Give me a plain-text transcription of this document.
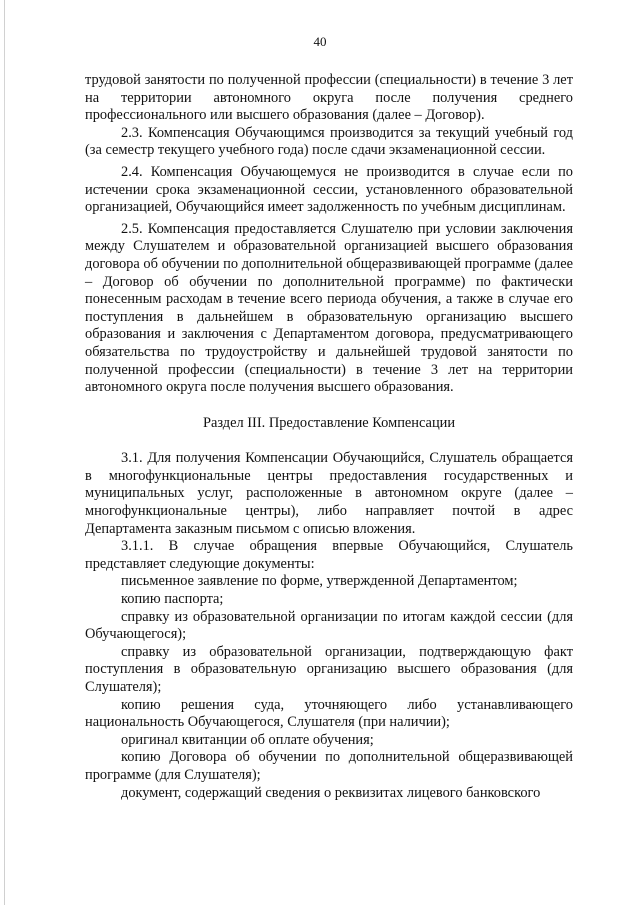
40

трудовой занятости по полученной профессии (специальности) в течение 3 лет на территории автономного округа после получения среднего профессионального или высшего образования (далее – Договор).

2.3. Компенсация Обучающимся производится за текущий учебный год (за семестр текущего учебного года) после сдачи экзаменационной сессии.

2.4. Компенсация Обучающемуся не производится в случае если по истечении срока экзаменационной сессии, установленного образовательной организацией, Обучающийся имеет задолженность по учебным дисциплинам.

2.5. Компенсация предоставляется Слушателю при условии заключения между Слушателем и образовательной организацией высшего образования договора об обучении по дополнительной общеразвивающей программе (далее – Договор об обучении по дополнительной программе) по фактически понесенным расходам в течение всего периода обучения, а также в случае его поступления в дальнейшем в образовательную организацию высшего образования и заключения с Департаментом договора, предусматривающего обязательства по трудоустройству и дальнейшей трудовой занятости по полученной профессии (специальности) в течение 3 лет на территории автономного округа после получения высшего образования.

Раздел III. Предоставление Компенсации

3.1. Для получения Компенсации Обучающийся, Слушатель обращается в многофункциональные центры предоставления государственных и муниципальных услуг, расположенные в автономном округе (далее – многофункциональные центры), либо направляет почтой в адрес Департамента заказным письмом с описью вложения.

3.1.1. В случае обращения впервые Обучающийся, Слушатель представляет следующие документы:

письменное заявление по форме, утвержденной Департаментом;

копию паспорта;

справку из образовательной организации по итогам каждой сессии (для Обучающегося);

справку из образовательной организации, подтверждающую факт поступления в образовательную организацию высшего образования (для Слушателя);

копию решения суда, уточняющего либо устанавливающего национальность Обучающегося, Слушателя (при наличии);

оригинал квитанции об оплате обучения;

копию Договора об обучении по дополнительной общеразвивающей программе (для Слушателя);

документ, содержащий сведения о реквизитах лицевого банковского
